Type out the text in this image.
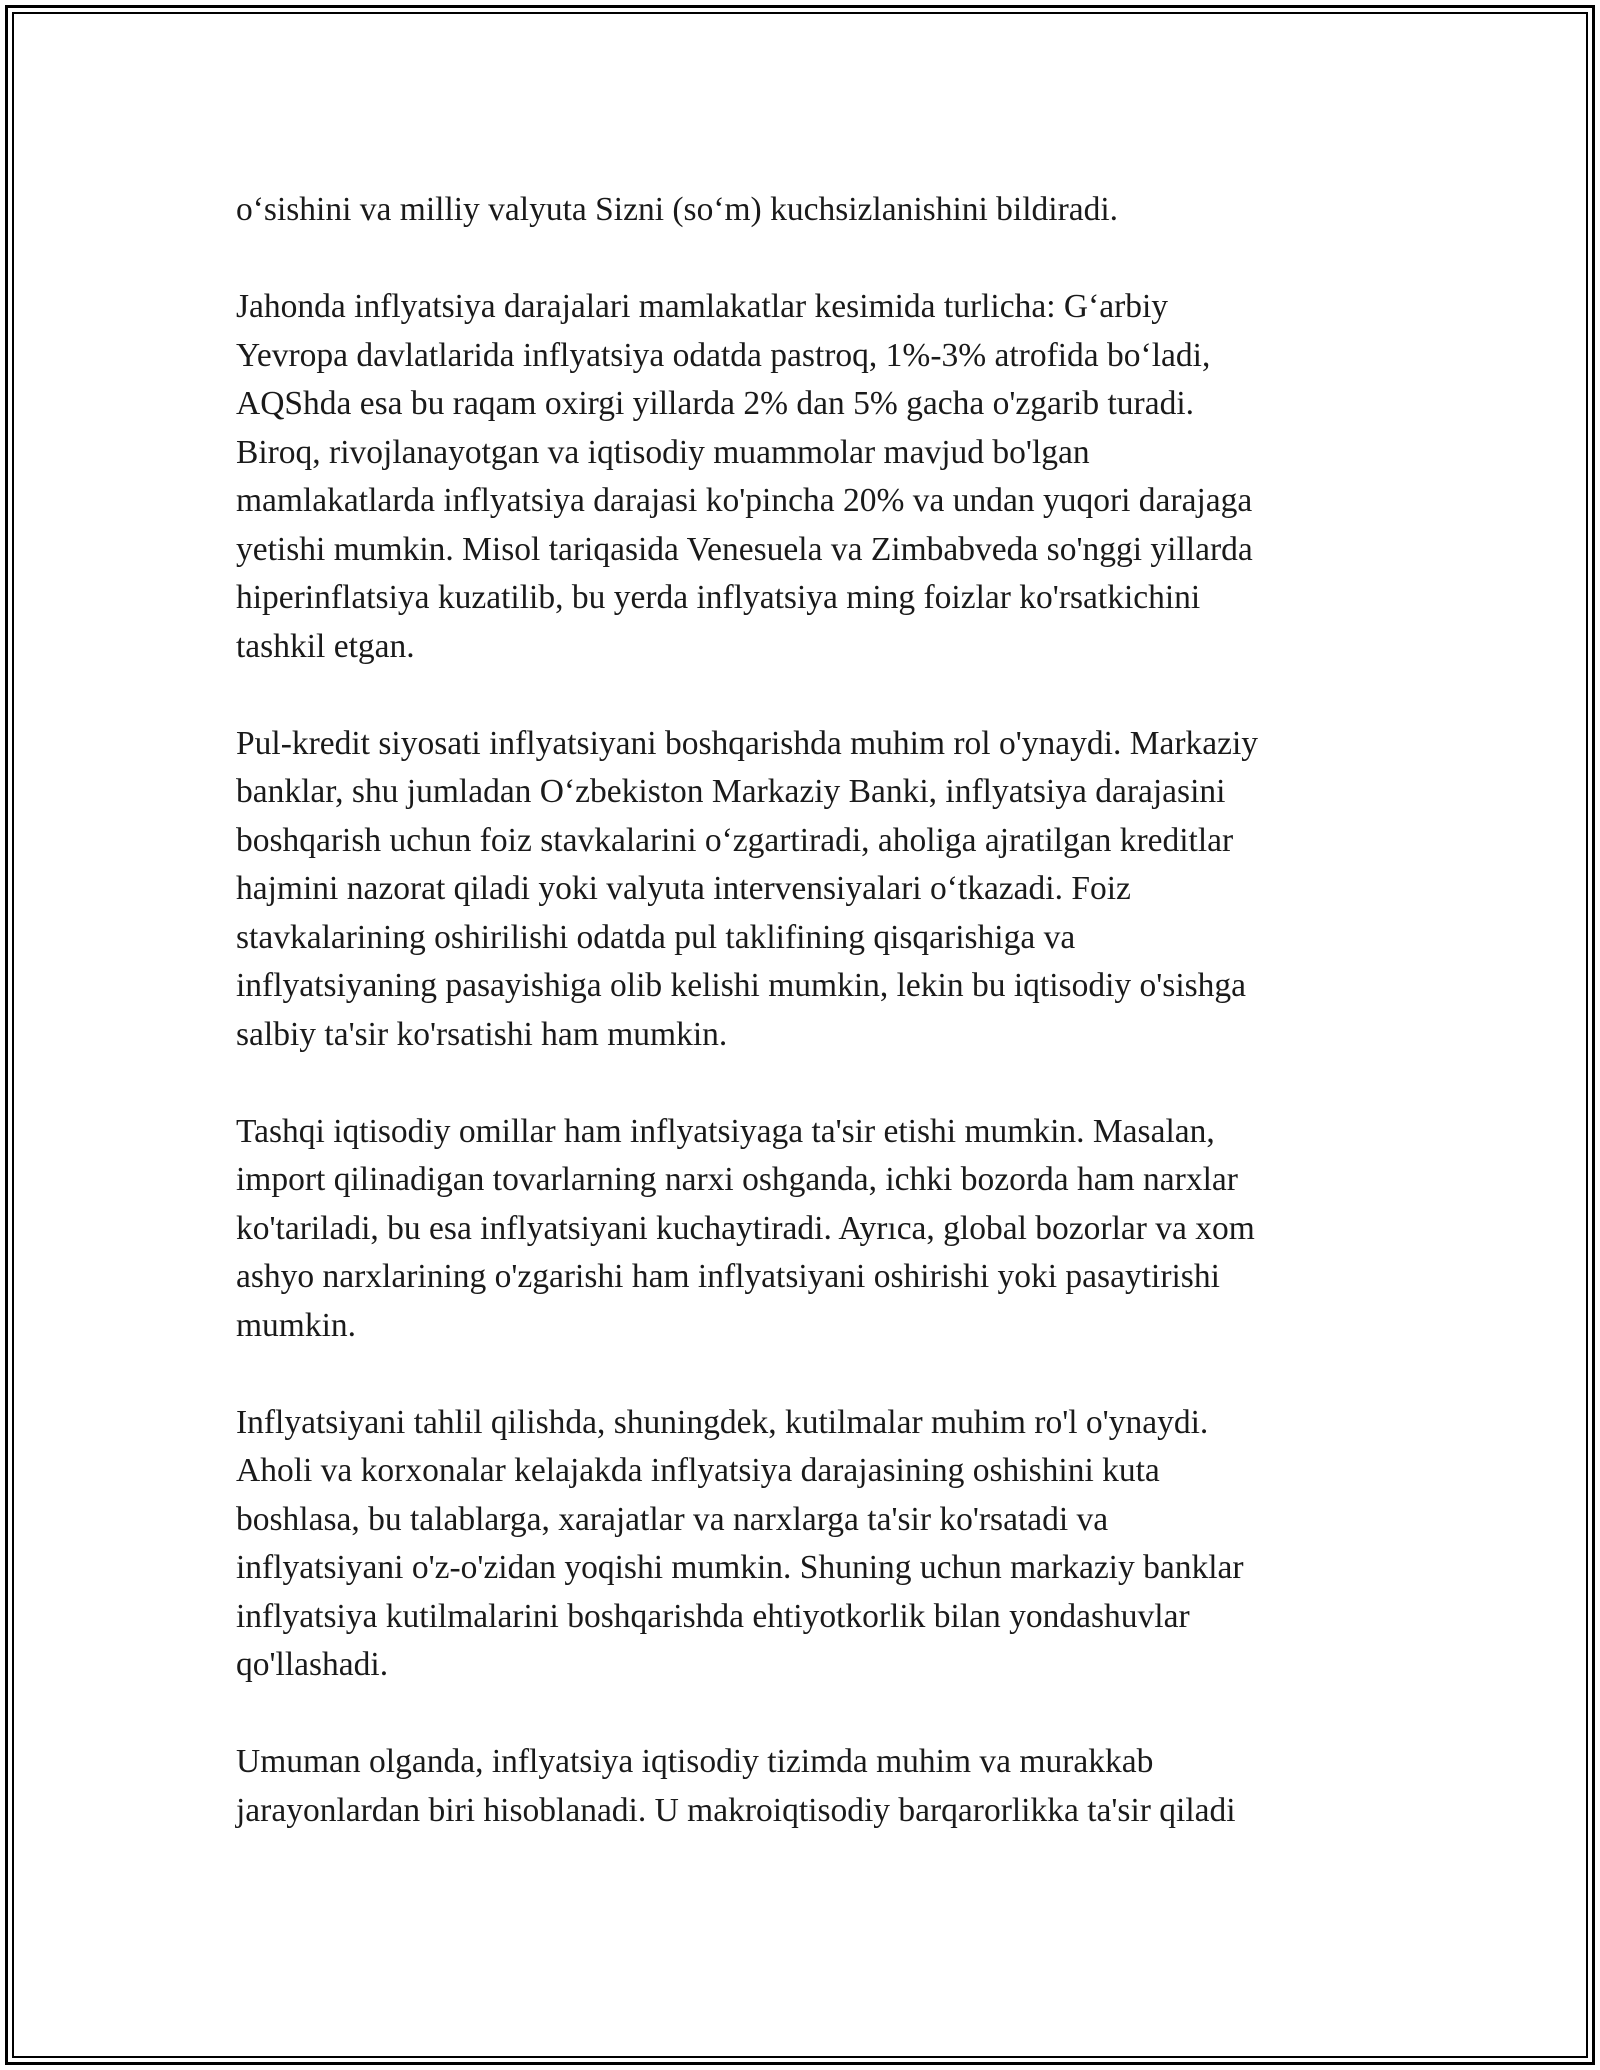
o‘sishini va milliy valyuta Sizni (so‘m) kuchsizlanishini bildiradi.

Jahonda inflyatsiya darajalari mamlakatlar kesimida turlicha: G‘arbiy
Yevropa davlatlarida inflyatsiya odatda pastroq, 1%-3% atrofida bo‘ladi,
AQShda esa bu raqam oxirgi yillarda 2% dan 5% gacha o'zgarib turadi.
Biroq, rivojlanayotgan va iqtisodiy muammolar mavjud bo'lgan
mamlakatlarda inflyatsiya darajasi ko'pincha 20% va undan yuqori darajaga
yetishi mumkin. Misol tariqasida Venesuela va Zimbabveda so'nggi yillarda
hiperinflatsiya kuzatilib, bu yerda inflyatsiya ming foizlar ko'rsatkichini
tashkil etgan.

Pul-kredit siyosati inflyatsiyani boshqarishda muhim rol o'ynaydi. Markaziy
banklar, shu jumladan O‘zbekiston Markaziy Banki, inflyatsiya darajasini
boshqarish uchun foiz stavkalarini o‘zgartiradi, aholiga ajratilgan kreditlar
hajmini nazorat qiladi yoki valyuta intervensiyalari o‘tkazadi. Foiz
stavkalarining oshirilishi odatda pul taklifining qisqarishiga va
inflyatsiyaning pasayishiga olib kelishi mumkin, lekin bu iqtisodiy o'sishga
salbiy ta'sir ko'rsatishi ham mumkin.

Tashqi iqtisodiy omillar ham inflyatsiyaga ta'sir etishi mumkin. Masalan,
import qilinadigan tovarlarning narxi oshganda, ichki bozorda ham narxlar
ko'tariladi, bu esa inflyatsiyani kuchaytiradi. Ayrıca, global bozorlar va xom
ashyo narxlarining o'zgarishi ham inflyatsiyani oshirishi yoki pasaytirishi
mumkin.

Inflyatsiyani tahlil qilishda, shuningdek, kutilmalar muhim ro'l o'ynaydi.
Aholi va korxonalar kelajakda inflyatsiya darajasining oshishini kuta
boshlasa, bu talablarga, xarajatlar va narxlarga ta'sir ko'rsatadi va
inflyatsiyani o'z-o'zidan yoqishi mumkin. Shuning uchun markaziy banklar
inflyatsiya kutilmalarini boshqarishda ehtiyotkorlik bilan yondashuvlar
qo'llashadi.

Umuman olganda, inflyatsiya iqtisodiy tizimda muhim va murakkab
jarayonlardan biri hisoblanadi. U makroiqtisodiy barqarorlikka ta'sir qiladi
